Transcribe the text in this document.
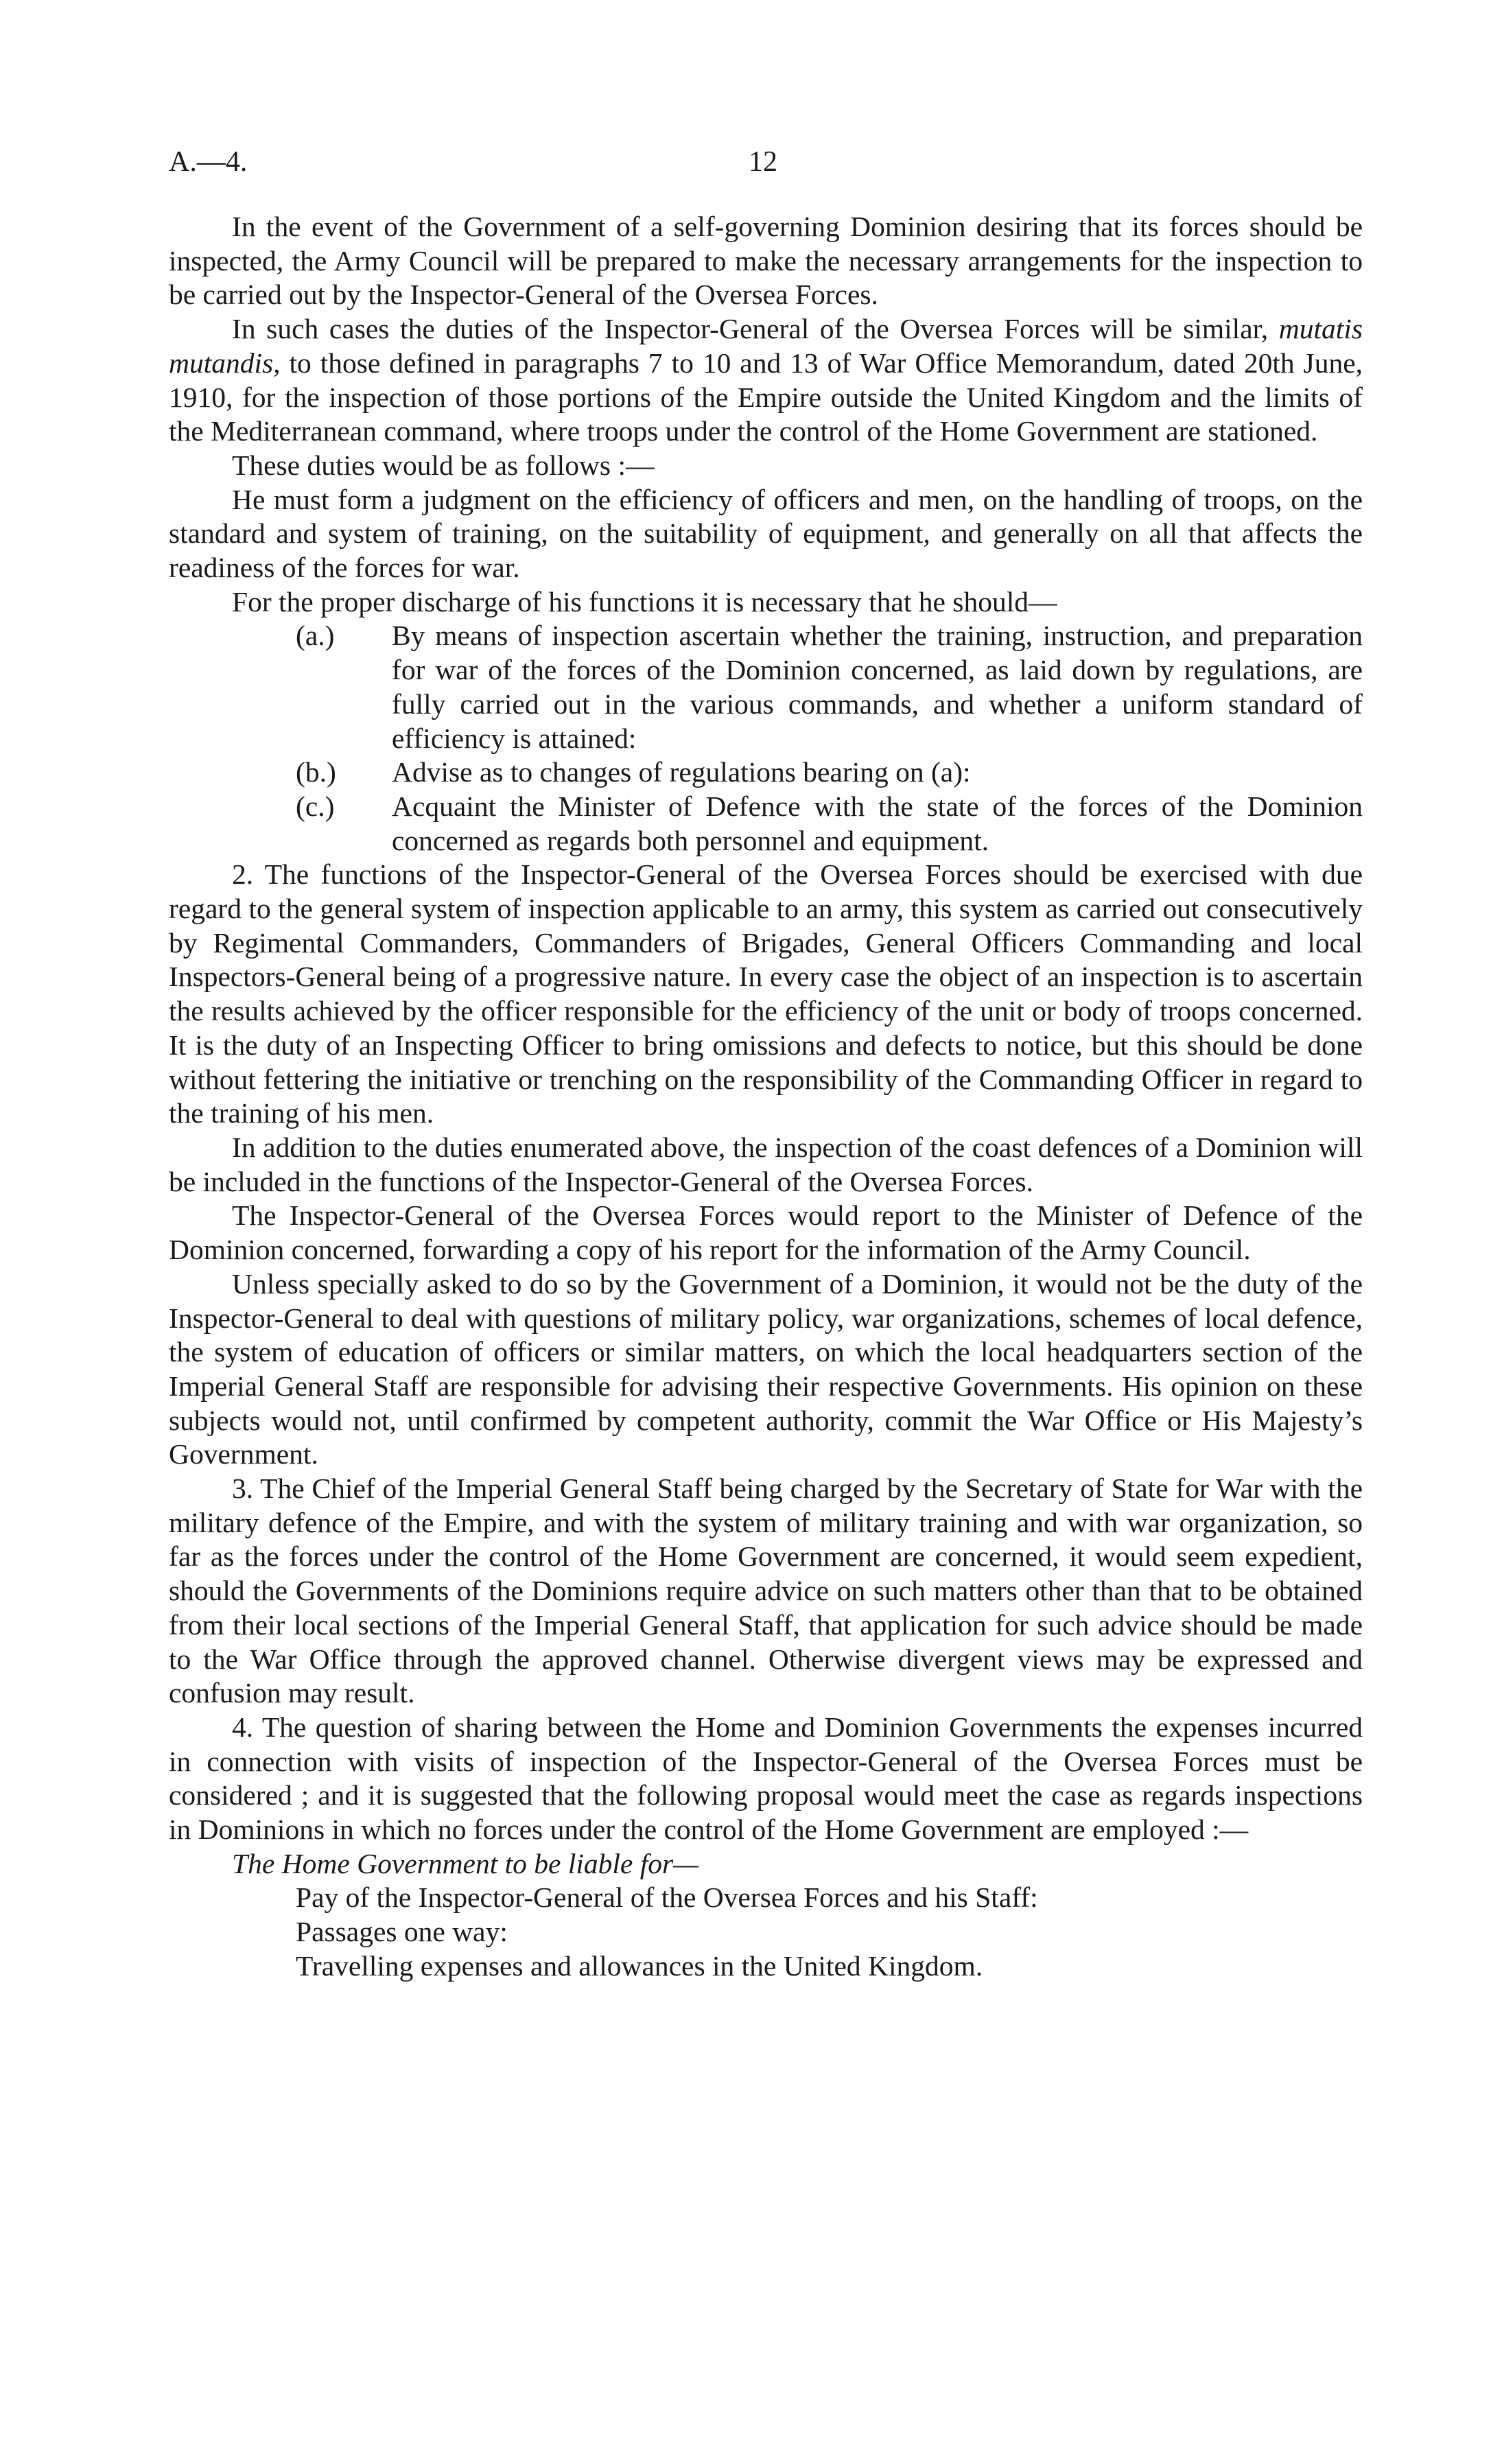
A.—4.	12

In the event of the Government of a self-governing Dominion desiring that its forces should be inspected, the Army Council will be prepared to make the necessary arrangements for the inspection to be carried out by the Inspector-General of the Oversea Forces.

In such cases the duties of the Inspector-General of the Oversea Forces will be similar, mutatis mutandis, to those defined in paragraphs 7 to 10 and 13 of War Office Memorandum, dated 20th June, 1910, for the inspection of those portions of the Empire outside the United Kingdom and the limits of the Mediterranean command, where troops under the control of the Home Government are stationed.

These duties would be as follows :—

He must form a judgment on the efficiency of officers and men, on the handling of troops, on the standard and system of training, on the suitability of equipment, and generally on all that affects the readiness of the forces for war.

For the proper discharge of his functions it is necessary that he should—

(a.) By means of inspection ascertain whether the training, instruction, and preparation for war of the forces of the Dominion concerned, as laid down by regulations, are fully carried out in the various commands, and whether a uniform standard of efficiency is attained:
(b.) Advise as to changes of regulations bearing on (a):
(c.) Acquaint the Minister of Defence with the state of the forces of the Dominion concerned as regards both personnel and equipment.

2. The functions of the Inspector-General of the Oversea Forces should be exercised with due regard to the general system of inspection applicable to an army, this system as carried out consecutively by Regimental Commanders, Commanders of Brigades, General Officers Commanding and local Inspectors-General being of a progressive nature. In every case the object of an inspection is to ascertain the results achieved by the officer responsible for the efficiency of the unit or body of troops concerned. It is the duty of an Inspecting Officer to bring omissions and defects to notice, but this should be done without fettering the initiative or trenching on the responsibility of the Commanding Officer in regard to the training of his men.

In addition to the duties enumerated above, the inspection of the coast defences of a Dominion will be included in the functions of the Inspector-General of the Oversea Forces.

The Inspector-General of the Oversea Forces would report to the Minister of Defence of the Dominion concerned, forwarding a copy of his report for the information of the Army Council.

Unless specially asked to do so by the Government of a Dominion, it would not be the duty of the Inspector-General to deal with questions of military policy, war organizations, schemes of local defence, the system of education of officers or similar matters, on which the local headquarters section of the Imperial General Staff are responsible for advising their respective Governments. His opinion on these subjects would not, until confirmed by competent authority, commit the War Office or His Majesty’s Government.

3. The Chief of the Imperial General Staff being charged by the Secretary of State for War with the military defence of the Empire, and with the system of military training and with war organization, so far as the forces under the control of the Home Government are concerned, it would seem expedient, should the Governments of the Dominions require advice on such matters other than that to be obtained from their local sections of the Imperial General Staff, that application for such advice should be made to the War Office through the approved channel. Otherwise divergent views may be expressed and confusion may result.

4. The question of sharing between the Home and Dominion Governments the expenses incurred in connection with visits of inspection of the Inspector-General of the Oversea Forces must be considered ; and it is suggested that the following proposal would meet the case as regards inspections in Dominions in which no forces under the control of the Home Government are employed :—

The Home Government to be liable for—
Pay of the Inspector-General of the Oversea Forces and his Staff:
Passages one way:
Travelling expenses and allowances in the United Kingdom.
